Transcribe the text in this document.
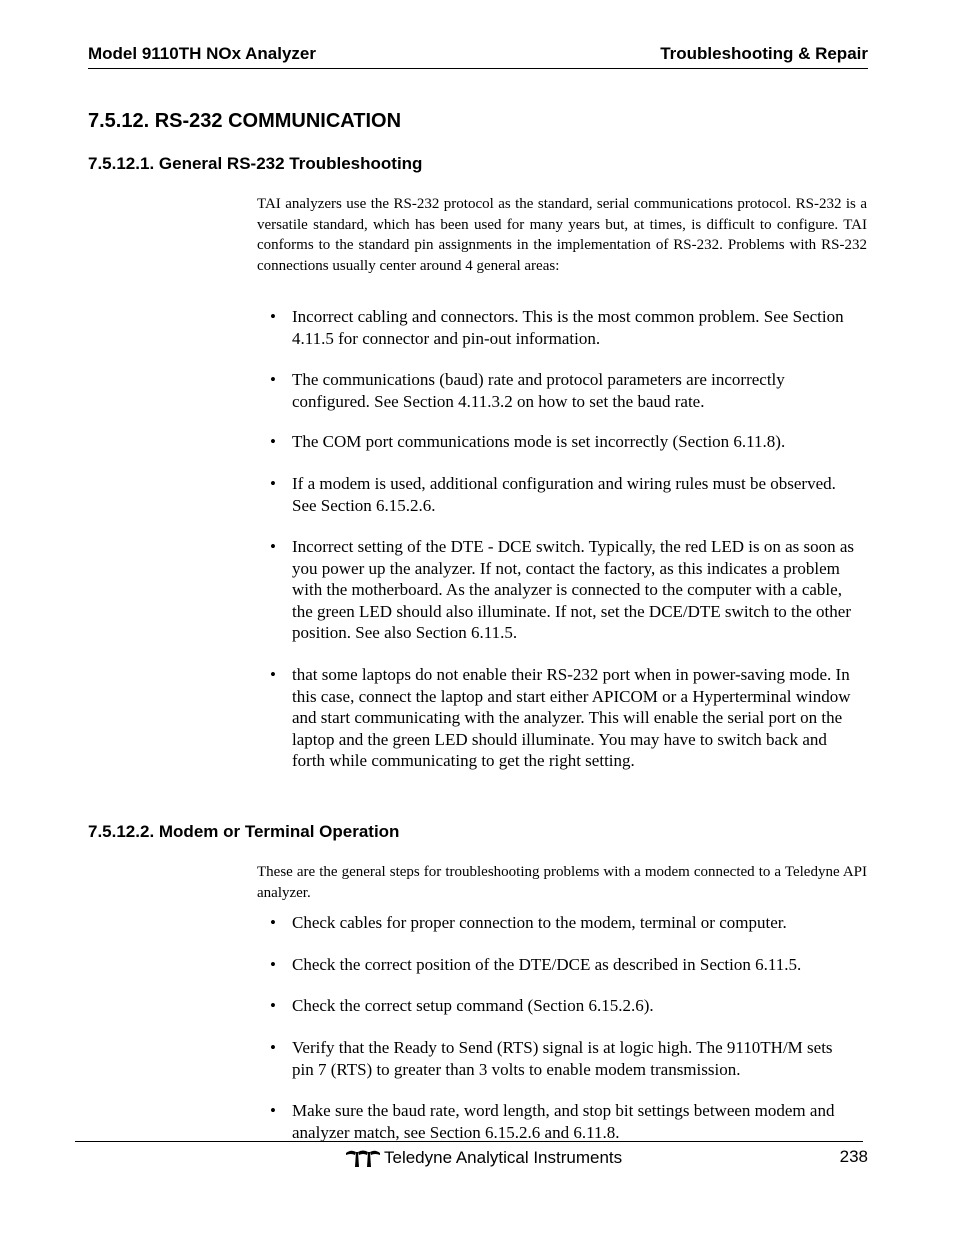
Model 9110TH NOx Analyzer	Troubleshooting & Repair
7.5.12. RS-232 COMMUNICATION
7.5.12.1. General RS-232 Troubleshooting

TAI analyzers use the RS-232 protocol as the standard, serial communications protocol. RS-232 is a versatile standard, which has been used for many years but, at times, is difficult to configure. TAI conforms to the standard pin assignments in the implementation of RS-232. Problems with RS-232 connections usually center around 4 general areas:

• Incorrect cabling and connectors. This is the most common problem. See Section 4.11.5 for connector and pin-out information.
• The communications (baud) rate and protocol parameters are incorrectly configured. See Section 4.11.3.2 on how to set the baud rate.
• The COM port communications mode is set incorrectly (Section 6.11.8).
• If a modem is used, additional configuration and wiring rules must be observed. See Section 6.15.2.6.
• Incorrect setting of the DTE - DCE switch. Typically, the red LED is on as soon as you power up the analyzer. If not, contact the factory, as this indicates a problem with the motherboard. As the analyzer is connected to the computer with a cable, the green LED should also illuminate. If not, set the DCE/DTE switch to the other position. See also Section 6.11.5.
• that some laptops do not enable their RS-232 port when in power-saving mode. In this case, connect the laptop and start either APICOM or a Hyperterminal window and start communicating with the analyzer. This will enable the serial port on the laptop and the green LED should illuminate. You may have to switch back and forth while communicating to get the right setting.
7.5.12.2. Modem or Terminal Operation

These are the general steps for troubleshooting problems with a modem connected to a Teledyne API analyzer.

• Check cables for proper connection to the modem, terminal or computer.
• Check the correct position of the DTE/DCE as described in Section 6.11.5.
• Check the correct setup command (Section 6.15.2.6).
• Verify that the Ready to Send (RTS) signal is at logic high. The 9110TH/M sets pin 7 (RTS) to greater than 3 volts to enable modem transmission.
• Make sure the baud rate, word length, and stop bit settings between modem and analyzer match, see Section 6.15.2.6 and 6.11.8.
Teledyne Analytical Instruments	238
